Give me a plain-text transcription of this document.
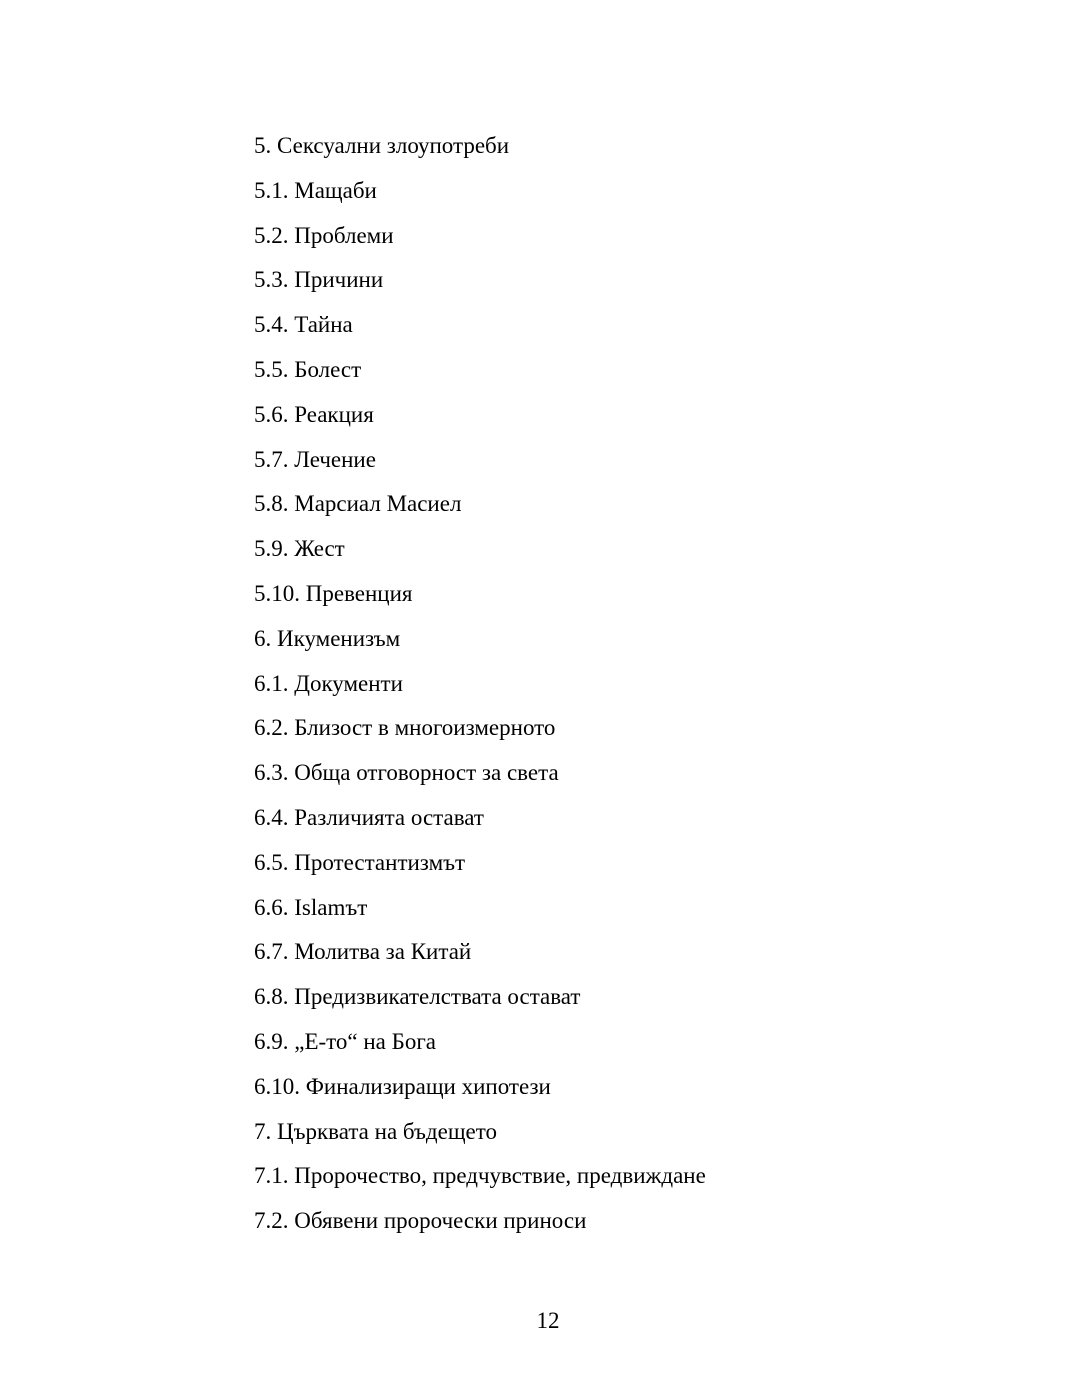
5. Сексуални злоупотреби
5.1. Мащаби
5.2. Проблеми
5.3. Причини
5.4. Тайна
5.5. Болест
5.6. Реакция
5.7. Лечение
5.8. Марсиал Масиел
5.9. Жест
5.10. Превенция
6. Икуменизъм
6.1. Документи
6.2. Близост в многоизмерното
6.3. Обща отговорност за света
6.4. Различията остават
6.5. Протестантизмът
6.6. Islamът
6.7. Молитва за Китай
6.8. Предизвикателствата остават
6.9. „Е-то“ на Бога
6.10. Финализиращи хипотези
7. Църквата на бъдещето
7.1. Пророчество, предчувствие, предвиждане
7.2. Обявени пророчески приноси
12
